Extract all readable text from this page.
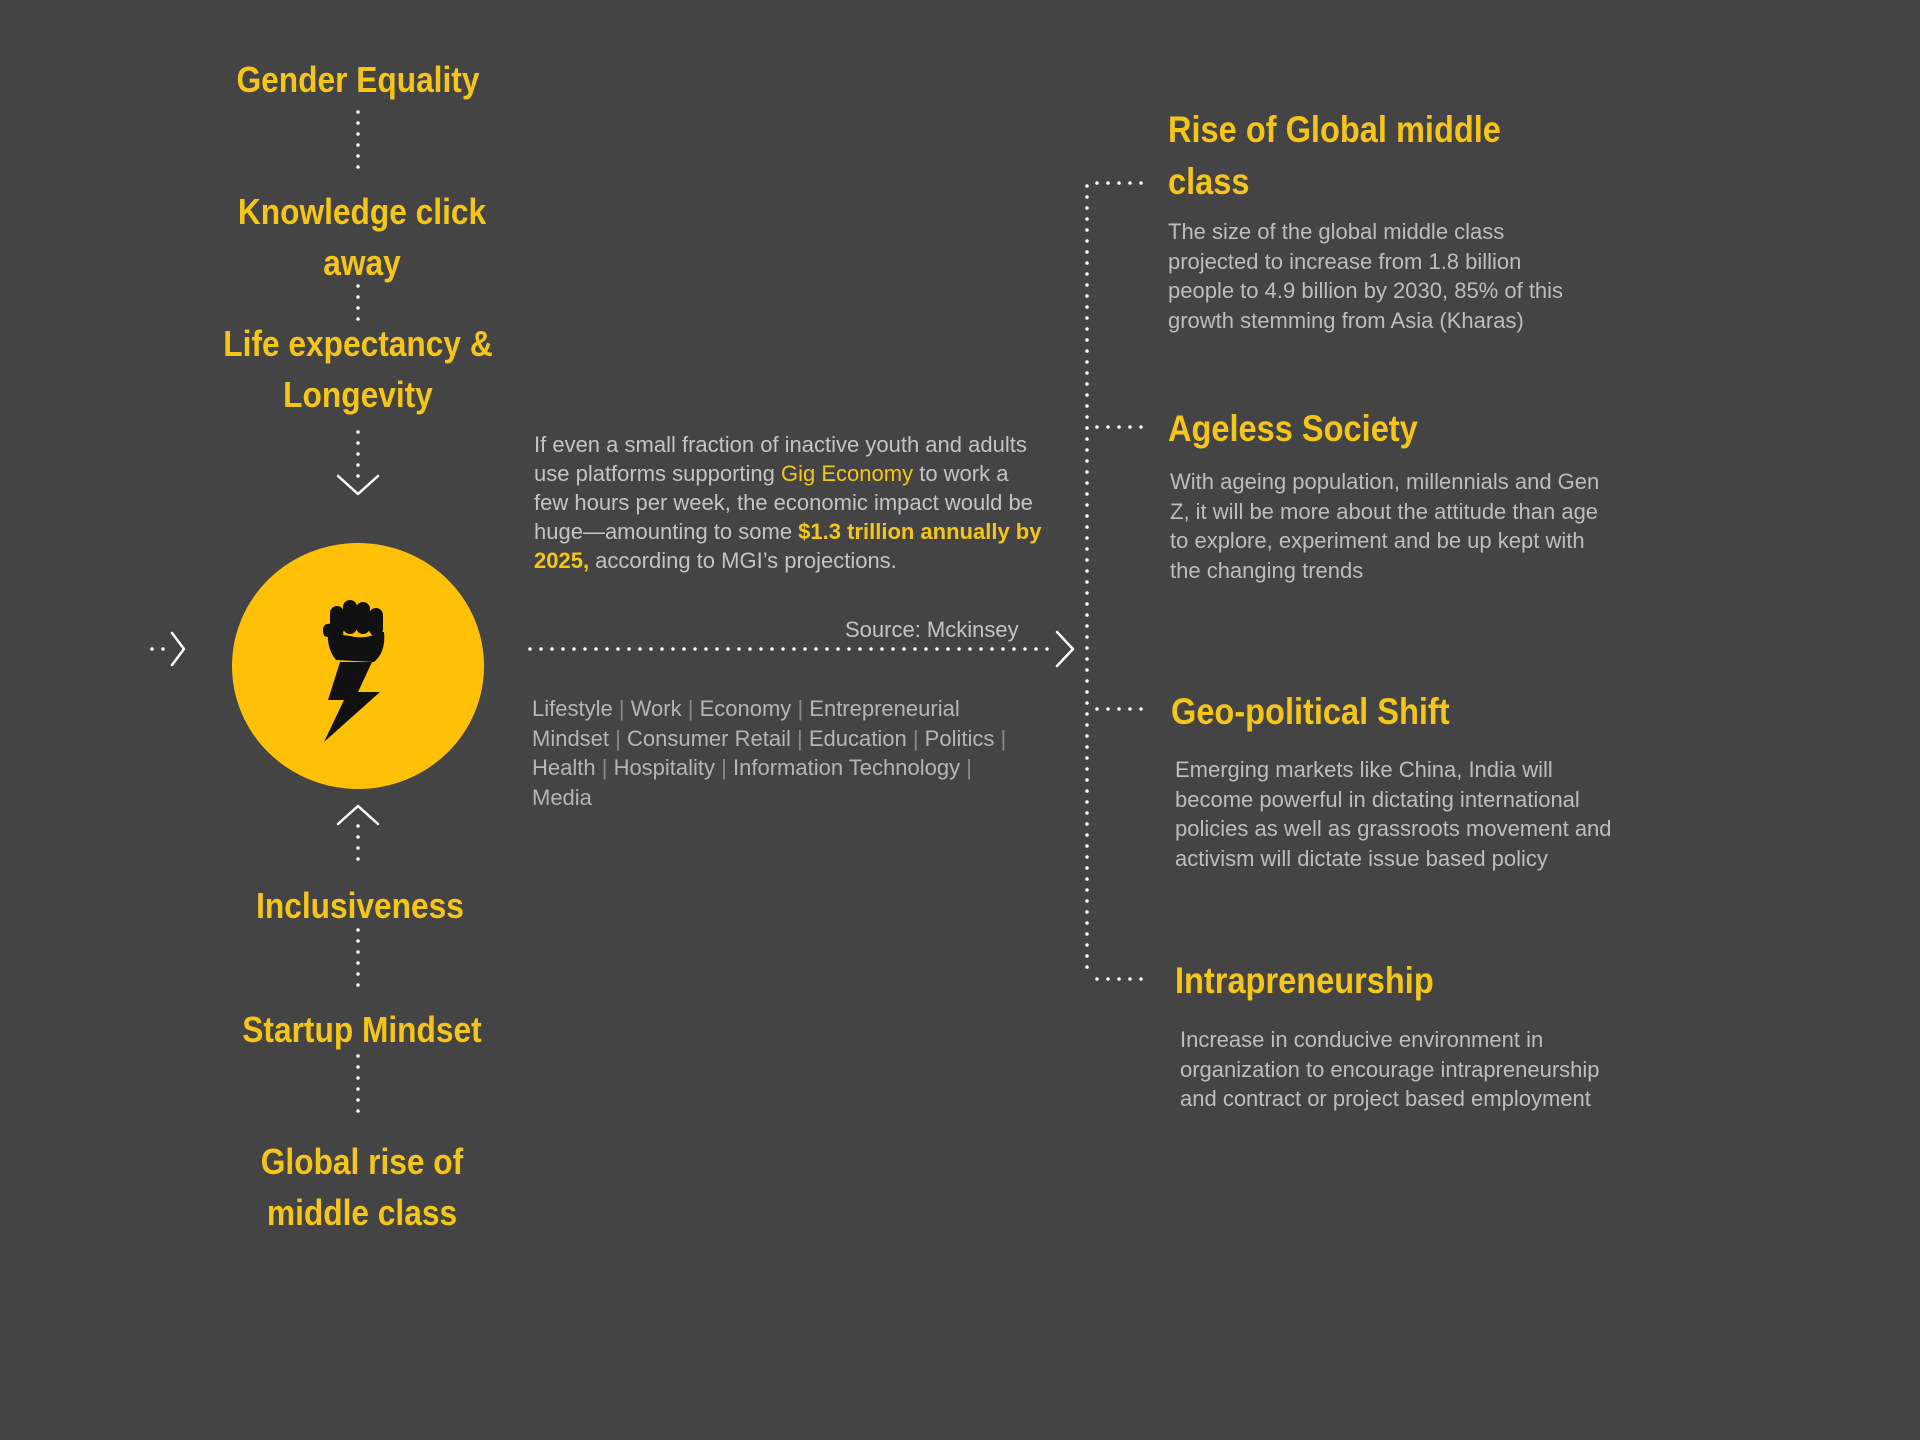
Gender Equality
Knowledge click away
Life expectancy & Longevity
Inclusiveness
Startup Mindset
Global rise of middle class
If even a small fraction of inactive youth and adults use platforms supporting Gig Economy to work a few hours per week, the economic impact would be huge—amounting to some $1.3 trillion annually by 2025, according to MGI’s projections.
Source: Mckinsey
Lifestyle | Work | Economy | Entrepreneurial Mindset | Consumer Retail | Education | Politics | Health | Hospitality | Information Technology | Media
Rise of Global middle class
The size of the global middle class projected to increase from 1.8 billion people to 4.9 billion by 2030, 85% of this growth stemming from Asia (Kharas)
Ageless Society
With ageing population, millennials and Gen Z, it will be more about the attitude than age to explore, experiment and be up kept with the changing trends
Geo-political Shift
Emerging markets like China, India will become powerful in dictating international policies as well as grassroots movement and activism will dictate issue based policy
Intrapreneurship
Increase in conducive environment in organization to encourage intrapreneurship and contract or project based employment
